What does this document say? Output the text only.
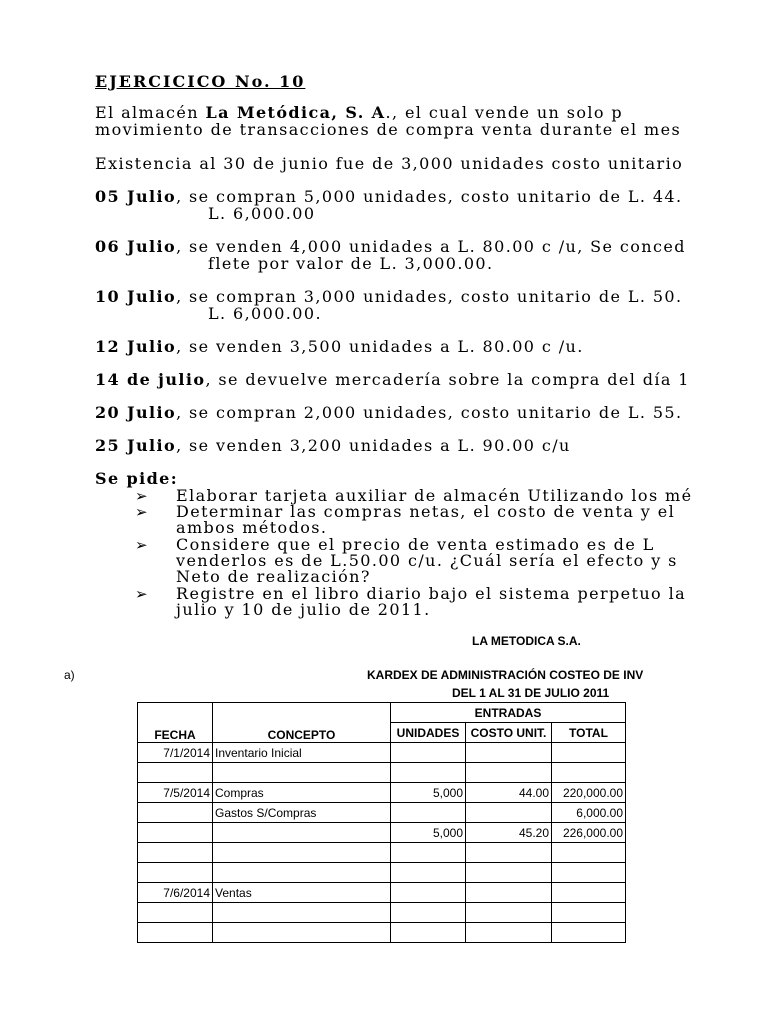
EJERCICICO No. 10
El almacén La Metódica, S. A., el cual vende un solo p
movimiento de transacciones de compra venta durante el mes
Existencia al 30 de junio fue de 3,000 unidades costo unitario
05 Julio, se compran 5,000 unidades, costo unitario de L. 44.
L. 6,000.00
06 Julio, se venden 4,000 unidades a L. 80.00 c /u, Se conced
flete por valor de L. 3,000.00.
10 Julio, se compran 3,000 unidades, costo unitario de L. 50.
L. 6,000.00.
12 Julio, se venden 3,500 unidades a L. 80.00 c /u.
14 de julio, se devuelve mercadería sobre la compra del día 1
20 Julio, se compran 2,000 unidades, costo unitario de L. 55.
25 Julio, se venden 3,200 unidades a L. 90.00 c/u
Se pide:
➢ Elaborar tarjeta auxiliar de almacén Utilizando los mé
➢ Determinar las compras netas, el costo de venta y el
ambos métodos.
➢ Considere que el precio de venta estimado es de L
venderlos es de L.50.00 c/u. ¿Cuál sería el efecto y s
Neto de realización?
➢ Registre en el libro diario bajo el sistema perpetuo la
julio y 10 de julio de 2011.
LA METODICA S.A.
a)	KARDEX DE ADMINISTRACIÓN COSTEO DE INV
DEL 1 AL 31 DE JULIO 2011
FECHA	CONCEPTO	ENTRADAS		
		UNIDADES	COSTO UNIT.	TOTAL
7/1/2014	Inventario Inicial			

7/5/2014	Compras	5,000	44.00	220,000.00
	Gastos S/Compras			6,000.00
		5,000	45.20	226,000.00

7/6/2014	Ventas			
